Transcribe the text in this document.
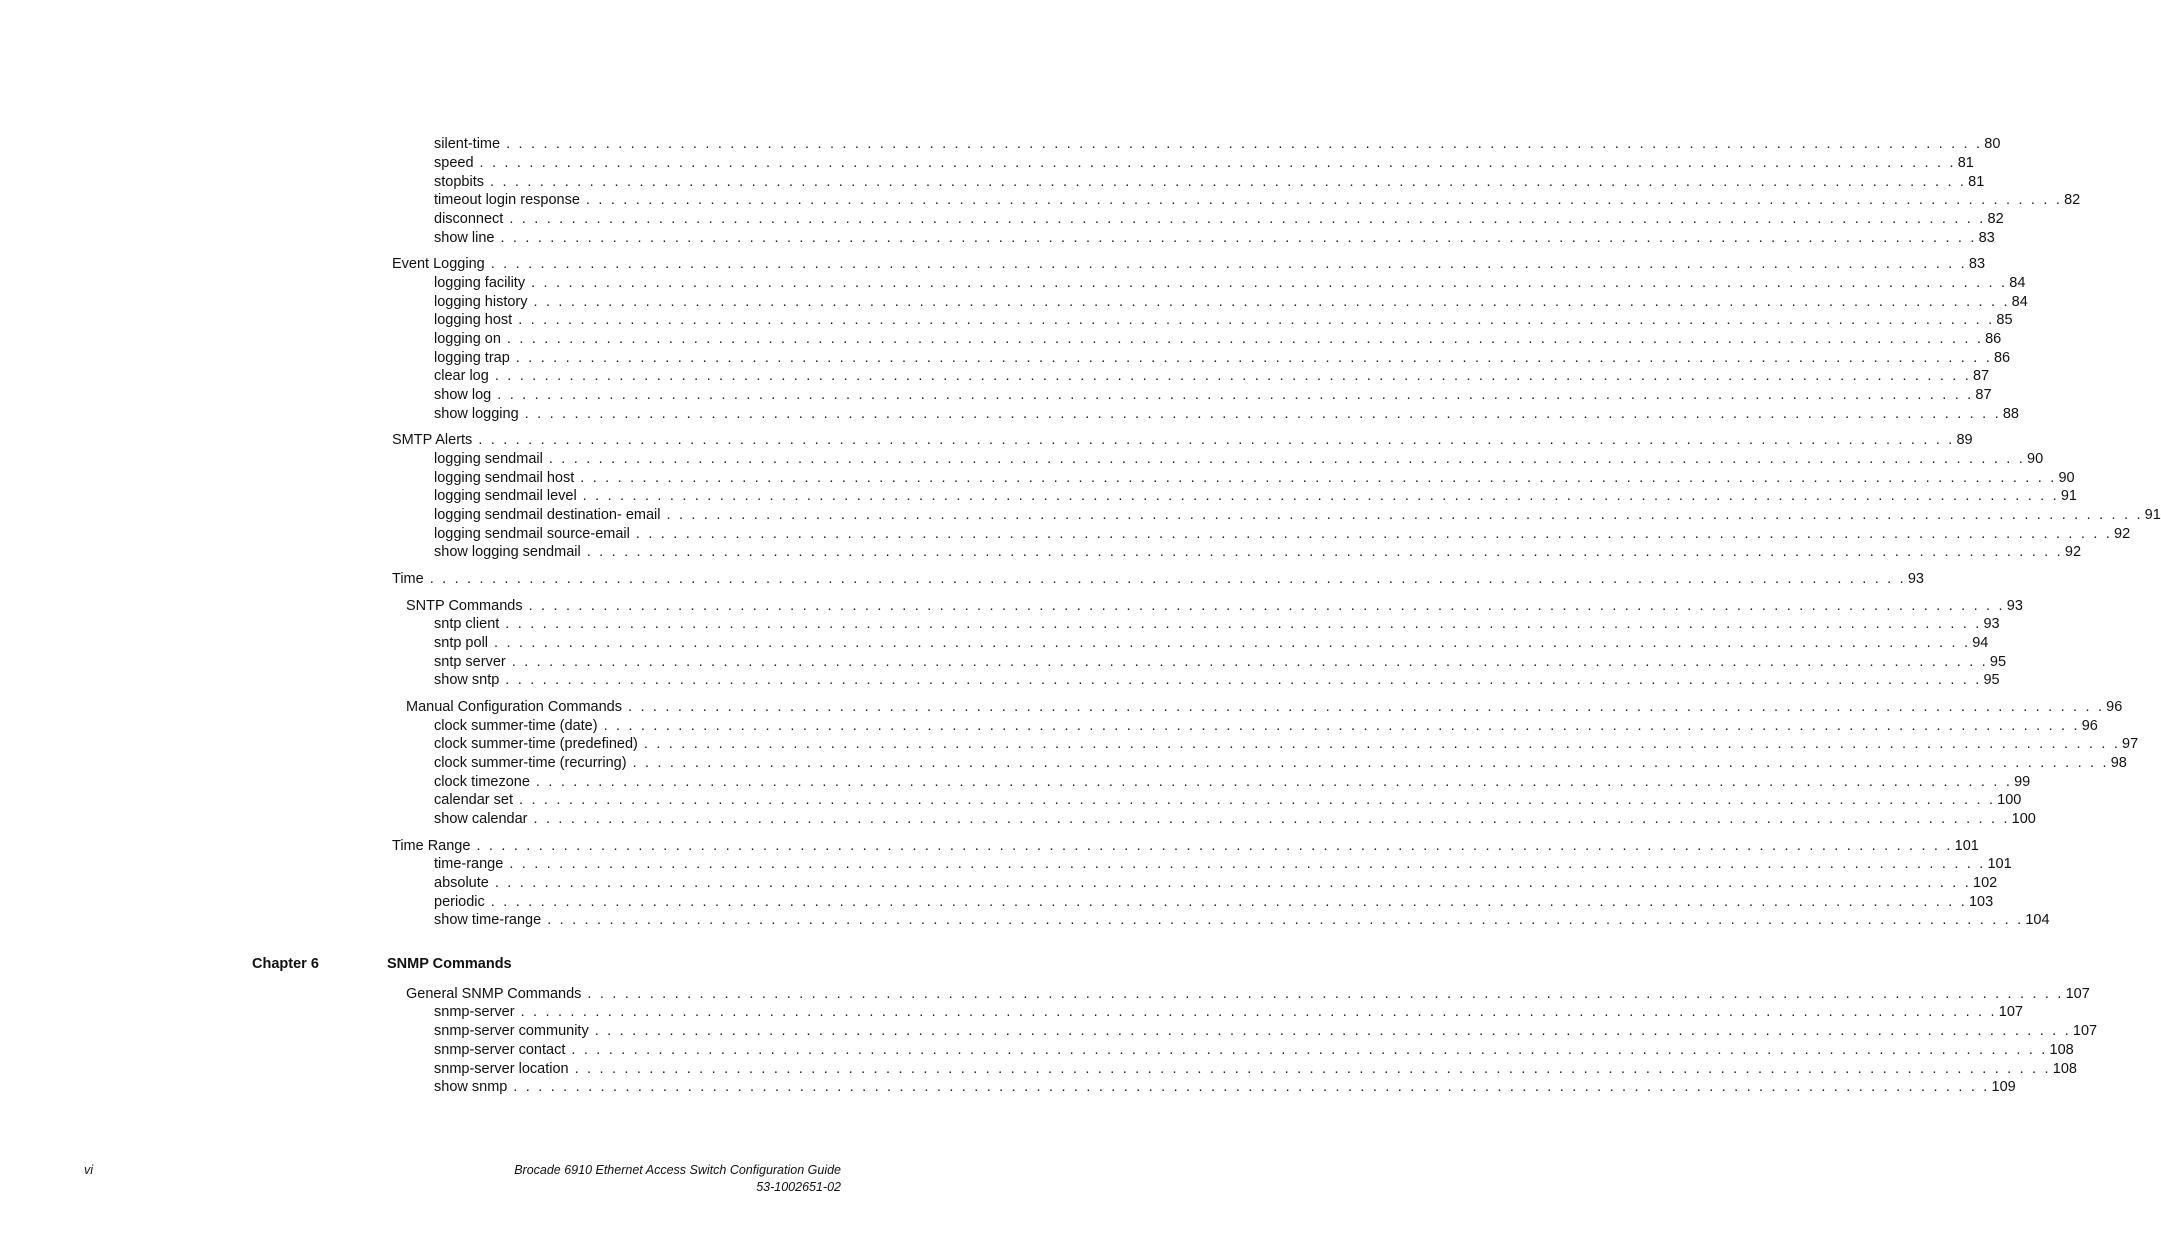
silent-time . . . . . . . . . . . . . . . . . . . . . . . . . . . . . . . . . . . . . . . . . . . . . . . . . . . . . . . . . . . . . . . . . . . . . . . . . . . . . . . . . . . . . . . . . . . . . . . . . . . . . . . . . . . . . . . . . . . . . . . 80
speed . . . . . . . . . . . . . . . . . . . . . . . . . . . . . . . . . . . . . . . . . . . . . . . . . . . . . . . . . . . . . . . . . . . . . . . . . . . . . . . . . . . . . . . . . . . . . . . . . . . . . . . . . . . . . . . . . . . . . . . 81
stopbits . . . . . . . . . . . . . . . . . . . . . . . . . . . . . . . . . . . . . . . . . . . . . . . . . . . . . . . . . . . . . . . . . . . . . . . . . . . . . . . . . . . . . . . . . . . . . . . . . . . . . . . . . . . . . . . . . . . . . . . 81
timeout login response . . . . . . . . . . . . . . . . . . . . . . . . . . . . . . . . . . . . . . . . . . . . . . . . . . . . . . . . . . . . . . . . . . . . . . . . . . . . . . . . . . . . . . . . . . . . . . . . . . . . . . . . . . . . . . . . . . . . . . . 82
disconnect . . . . . . . . . . . . . . . . . . . . . . . . . . . . . . . . . . . . . . . . . . . . . . . . . . . . . . . . . . . . . . . . . . . . . . . . . . . . . . . . . . . . . . . . . . . . . . . . . . . . . . . . . . . . . . . . . . . . . . . 82
show line . . . . . . . . . . . . . . . . . . . . . . . . . . . . . . . . . . . . . . . . . . . . . . . . . . . . . . . . . . . . . . . . . . . . . . . . . . . . . . . . . . . . . . . . . . . . . . . . . . . . . . . . . . . . . . . . . . . . . . . 83
Event Logging . . . . . . . . . . . . . . . . . . . . . . . . . . . . . . . . . . . . . . . . . . . . . . . . . . . . . . . . . . . . . . . . . . . . . . . . . . . . . . . . . . . . . . . . . . . . . . . . . . . . . . . . . . . . . . . . . . . . . . . 83
logging facility . . . . . . . . . . . . . . . . . . . . . . . . . . . . . . . . . . . . . . . . . . . . . . . . . . . . . . . . . . . . . . . . . . . . . . . . . . . . . . . . . . . . . . . . . . . . . . . . . . . . . . . . . . . . . . . . . . . . . . . 84
logging history . . . . . . . . . . . . . . . . . . . . . . . . . . . . . . . . . . . . . . . . . . . . . . . . . . . . . . . . . . . . . . . . . . . . . . . . . . . . . . . . . . . . . . . . . . . . . . . . . . . . . . . . . . . . . . . . . . . . . . . 84
logging host . . . . . . . . . . . . . . . . . . . . . . . . . . . . . . . . . . . . . . . . . . . . . . . . . . . . . . . . . . . . . . . . . . . . . . . . . . . . . . . . . . . . . . . . . . . . . . . . . . . . . . . . . . . . . . . . . . . . . . . 85
logging on . . . . . . . . . . . . . . . . . . . . . . . . . . . . . . . . . . . . . . . . . . . . . . . . . . . . . . . . . . . . . . . . . . . . . . . . . . . . . . . . . . . . . . . . . . . . . . . . . . . . . . . . . . . . . . . . . . . . . . . 86
logging trap . . . . . . . . . . . . . . . . . . . . . . . . . . . . . . . . . . . . . . . . . . . . . . . . . . . . . . . . . . . . . . . . . . . . . . . . . . . . . . . . . . . . . . . . . . . . . . . . . . . . . . . . . . . . . . . . . . . . . . . 86
clear log . . . . . . . . . . . . . . . . . . . . . . . . . . . . . . . . . . . . . . . . . . . . . . . . . . . . . . . . . . . . . . . . . . . . . . . . . . . . . . . . . . . . . . . . . . . . . . . . . . . . . . . . . . . . . . . . . . . . . . . 87
show log . . . . . . . . . . . . . . . . . . . . . . . . . . . . . . . . . . . . . . . . . . . . . . . . . . . . . . . . . . . . . . . . . . . . . . . . . . . . . . . . . . . . . . . . . . . . . . . . . . . . . . . . . . . . . . . . . . . . . . . 87
show logging . . . . . . . . . . . . . . . . . . . . . . . . . . . . . . . . . . . . . . . . . . . . . . . . . . . . . . . . . . . . . . . . . . . . . . . . . . . . . . . . . . . . . . . . . . . . . . . . . . . . . . . . . . . . . . . . . . . . . . . 88
SMTP Alerts . . . . . . . . . . . . . . . . . . . . . . . . . . . . . . . . . . . . . . . . . . . . . . . . . . . . . . . . . . . . . . . . . . . . . . . . . . . . . . . . . . . . . . . . . . . . . . . . . . . . . . . . . . . . . . . . . . . . . . . 89
logging sendmail . . . . . . . . . . . . . . . . . . . . . . . . . . . . . . . . . . . . . . . . . . . . . . . . . . . . . . . . . . . . . . . . . . . . . . . . . . . . . . . . . . . . . . . . . . . . . . . . . . . . . . . . . . . . . . . . . . . . . . . 90
logging sendmail host . . . . . . . . . . . . . . . . . . . . . . . . . . . . . . . . . . . . . . . . . . . . . . . . . . . . . . . . . . . . . . . . . . . . . . . . . . . . . . . . . . . . . . . . . . . . . . . . . . . . . . . . . . . . . . . . . . . . . . . 90
logging sendmail level . . . . . . . . . . . . . . . . . . . . . . . . . . . . . . . . . . . . . . . . . . . . . . . . . . . . . . . . . . . . . . . . . . . . . . . . . . . . . . . . . . . . . . . . . . . . . . . . . . . . . . . . . . . . . . . . . . . . . . . 91
logging sendmail destination- email . . . . . . . . . . . . . . . . . . . . . . . . . . . . . . . . . . . . . . . . . . . . . . . . . . . . . . . . . . . . . . . . . . . . . . . . . . . . . . . . . . . . . . . . . . . . . . . . . . . . . . . . . . . . . . . . . . . . . . . 91
logging sendmail source-email . . . . . . . . . . . . . . . . . . . . . . . . . . . . . . . . . . . . . . . . . . . . . . . . . . . . . . . . . . . . . . . . . . . . . . . . . . . . . . . . . . . . . . . . . . . . . . . . . . . . . . . . . . . . . . . . . . . . . . . 92
show logging sendmail . . . . . . . . . . . . . . . . . . . . . . . . . . . . . . . . . . . . . . . . . . . . . . . . . . . . . . . . . . . . . . . . . . . . . . . . . . . . . . . . . . . . . . . . . . . . . . . . . . . . . . . . . . . . . . . . . . . . . . . 92
Time . . . . . . . . . . . . . . . . . . . . . . . . . . . . . . . . . . . . . . . . . . . . . . . . . . . . . . . . . . . . . . . . . . . . . . . . . . . . . . . . . . . . . . . . . . . . . . . . . . . . . . . . . . . . . . . . . . . . . . . 93
SNTP Commands . . . . . . . . . . . . . . . . . . . . . . . . . . . . . . . . . . . . . . . . . . . . . . . . . . . . . . . . . . . . . . . . . . . . . . . . . . . . . . . . . . . . . . . . . . . . . . . . . . . . . . . . . . . . . . . . . . . . . . . 93
sntp client . . . . . . . . . . . . . . . . . . . . . . . . . . . . . . . . . . . . . . . . . . . . . . . . . . . . . . . . . . . . . . . . . . . . . . . . . . . . . . . . . . . . . . . . . . . . . . . . . . . . . . . . . . . . . . . . . . . . . . . 93
sntp poll . . . . . . . . . . . . . . . . . . . . . . . . . . . . . . . . . . . . . . . . . . . . . . . . . . . . . . . . . . . . . . . . . . . . . . . . . . . . . . . . . . . . . . . . . . . . . . . . . . . . . . . . . . . . . . . . . . . . . . . 94
sntp server . . . . . . . . . . . . . . . . . . . . . . . . . . . . . . . . . . . . . . . . . . . . . . . . . . . . . . . . . . . . . . . . . . . . . . . . . . . . . . . . . . . . . . . . . . . . . . . . . . . . . . . . . . . . . . . . . . . . . . . 95
show sntp . . . . . . . . . . . . . . . . . . . . . . . . . . . . . . . . . . . . . . . . . . . . . . . . . . . . . . . . . . . . . . . . . . . . . . . . . . . . . . . . . . . . . . . . . . . . . . . . . . . . . . . . . . . . . . . . . . . . . . . 95
Manual Configuration Commands . . . . . . . . . . . . . . . . . . . . . . . . . . . . . . . . . . . . . . . . . . . . . . . . . . . . . . . . . . . . . . . . . . . . . . . . . . . . . . . . . . . . . . . . . . . . . . . . . . . . . . . . . . . . . . . . . . . . . . . 96
clock summer-time (date) . . . . . . . . . . . . . . . . . . . . . . . . . . . . . . . . . . . . . . . . . . . . . . . . . . . . . . . . . . . . . . . . . . . . . . . . . . . . . . . . . . . . . . . . . . . . . . . . . . . . . . . . . . . . . . . . . . . . . . . 96
clock summer-time (predefined) . . . . . . . . . . . . . . . . . . . . . . . . . . . . . . . . . . . . . . . . . . . . . . . . . . . . . . . . . . . . . . . . . . . . . . . . . . . . . . . . . . . . . . . . . . . . . . . . . . . . . . . . . . . . . . . . . . . . . . . 97
clock summer-time (recurring) . . . . . . . . . . . . . . . . . . . . . . . . . . . . . . . . . . . . . . . . . . . . . . . . . . . . . . . . . . . . . . . . . . . . . . . . . . . . . . . . . . . . . . . . . . . . . . . . . . . . . . . . . . . . . . . . . . . . . . . 98
clock timezone . . . . . . . . . . . . . . . . . . . . . . . . . . . . . . . . . . . . . . . . . . . . . . . . . . . . . . . . . . . . . . . . . . . . . . . . . . . . . . . . . . . . . . . . . . . . . . . . . . . . . . . . . . . . . . . . . . . . . . . 99
calendar set . . . . . . . . . . . . . . . . . . . . . . . . . . . . . . . . . . . . . . . . . . . . . . . . . . . . . . . . . . . . . . . . . . . . . . . . . . . . . . . . . . . . . . . . . . . . . . . . . . . . . . . . . . . . . . . . . . . . . . . 100
show calendar . . . . . . . . . . . . . . . . . . . . . . . . . . . . . . . . . . . . . . . . . . . . . . . . . . . . . . . . . . . . . . . . . . . . . . . . . . . . . . . . . . . . . . . . . . . . . . . . . . . . . . . . . . . . . . . . . . . . . . . 100
Time Range . . . . . . . . . . . . . . . . . . . . . . . . . . . . . . . . . . . . . . . . . . . . . . . . . . . . . . . . . . . . . . . . . . . . . . . . . . . . . . . . . . . . . . . . . . . . . . . . . . . . . . . . . . . . . . . . . . . . . . . 101
time-range . . . . . . . . . . . . . . . . . . . . . . . . . . . . . . . . . . . . . . . . . . . . . . . . . . . . . . . . . . . . . . . . . . . . . . . . . . . . . . . . . . . . . . . . . . . . . . . . . . . . . . . . . . . . . . . . . . . . . . . 101
absolute . . . . . . . . . . . . . . . . . . . . . . . . . . . . . . . . . . . . . . . . . . . . . . . . . . . . . . . . . . . . . . . . . . . . . . . . . . . . . . . . . . . . . . . . . . . . . . . . . . . . . . . . . . . . . . . . . . . . . . . 102
periodic . . . . . . . . . . . . . . . . . . . . . . . . . . . . . . . . . . . . . . . . . . . . . . . . . . . . . . . . . . . . . . . . . . . . . . . . . . . . . . . . . . . . . . . . . . . . . . . . . . . . . . . . . . . . . . . . . . . . . . . 103
show time-range . . . . . . . . . . . . . . . . . . . . . . . . . . . . . . . . . . . . . . . . . . . . . . . . . . . . . . . . . . . . . . . . . . . . . . . . . . . . . . . . . . . . . . . . . . . . . . . . . . . . . . . . . . . . . . . . . . . . . . . 104
General SNMP Commands . . . . . . . . . . . . . . . . . . . . . . . . . . . . . . . . . . . . . . . . . . . . . . . . . . . . . . . . . . . . . . . . . . . . . . . . . . . . . . . . . . . . . . . . . . . . . . . . . . . . . . . . . . . . . . . . . . . . . . . 107
snmp-server . . . . . . . . . . . . . . . . . . . . . . . . . . . . . . . . . . . . . . . . . . . . . . . . . . . . . . . . . . . . . . . . . . . . . . . . . . . . . . . . . . . . . . . . . . . . . . . . . . . . . . . . . . . . . . . . . . . . . . . 107
snmp-server community . . . . . . . . . . . . . . . . . . . . . . . . . . . . . . . . . . . . . . . . . . . . . . . . . . . . . . . . . . . . . . . . . . . . . . . . . . . . . . . . . . . . . . . . . . . . . . . . . . . . . . . . . . . . . . . . . . . . . . . 107
snmp-server contact . . . . . . . . . . . . . . . . . . . . . . . . . . . . . . . . . . . . . . . . . . . . . . . . . . . . . . . . . . . . . . . . . . . . . . . . . . . . . . . . . . . . . . . . . . . . . . . . . . . . . . . . . . . . . . . . . . . . . . . 108
snmp-server location . . . . . . . . . . . . . . . . . . . . . . . . . . . . . . . . . . . . . . . . . . . . . . . . . . . . . . . . . . . . . . . . . . . . . . . . . . . . . . . . . . . . . . . . . . . . . . . . . . . . . . . . . . . . . . . . . . . . . . . 108
show snmp . . . . . . . . . . . . . . . . . . . . . . . . . . . . . . . . . . . . . . . . . . . . . . . . . . . . . . . . . . . . . . . . . . . . . . . . . . . . . . . . . . . . . . . . . . . . . . . . . . . . . . . . . . . . . . . . . . . . . . . 109
Chapter 6	SNMP Commands
vi	Brocade 6910 Ethernet Access Switch Configuration Guide
53-1002651-02
